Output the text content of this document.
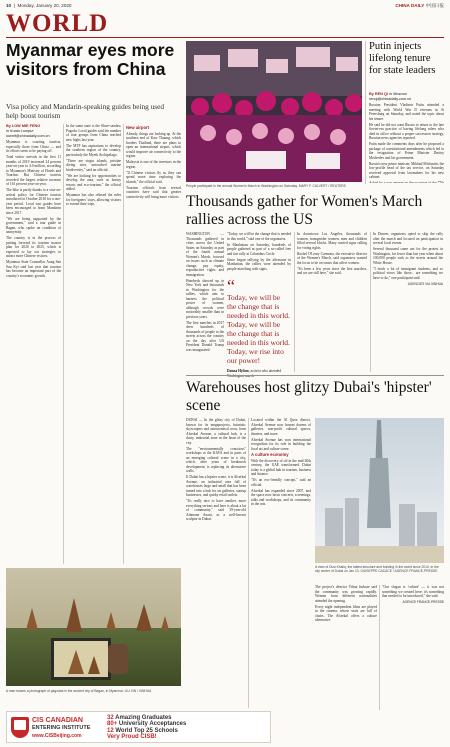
10  |  Monday, January 20, 2020	CHINA DAILY 中国日报
WORLD
Myanmar eyes more visitors from China
Visa policy and Mandarin-speaking guides being used help boost tourism
By LOW MIE FENG
in Kuala Lumpur
lowmf@chinadaily.com.cn

Myanmar is courting tourists, especially those from China — and its efforts seem to be paying off.

Total visitor arrivals in the first 11 months of 2019 increased 24 percent year-on-year to 4.0 million, according to Myanmar's Ministry of Hotels and Tourism. But Chinese tourists recorded the largest relative increase of 161 percent year-on-year.

The hike is partly thanks to a visa-on-arrival policy for Chinese tourists introduced in October 2018 for a one-year period. Local tour guides have been encouraged to learn Mandarin since 2017.

"We are being supported by the government," said a tour guide in Bagan, who spoke on condition of anonymity.

The country is in the process of putting forward its tourism master plan for 2020 to 2025, which is expected to lay out strategies to attract more Chinese visitors.

Myanmar State Counsellor Aung San Suu Kyi said last year that tourism has become an important part of the country's economic growth.

In the same state is the Shwe-sandaw Pagoda. Local guides said the number of tour groups from China reached new highs last year.

The MTF has aspirations to develop the southern region of the country, particularly the Myeik Archipelago.

"There are virgin islands, pristine diving sites, untouched marine biodiversity," said an official.

"We are looking for opportunities to develop the area, such as luxury resorts and eco-tourism," the official added.

Myanmar has also relaxed the rules for foreigners' stays, allowing visitors to extend their trips.

New airport

Already, things are looking up. At the southern end of Kaw Thaung, which borders Thailand, there are plans to open an international airport, which would improve air connectivity to the region.

Malaysia is one of the investors in the region.

"If Chinese visitors fly in, they can spend more time exploring the islands," the official said.

Tourism officials from several countries have said that greater connectivity will bring more visitors.

A man tosses a photograph of pagodas in the ancient city of Bagan, in Myanmar. LIU XIN / XINHUA
People participate in the annual Women's March in Washington on Saturday. MARY F. CALVERT / REUTERS
Thousands gather for Women's March rallies across the US

WASHINGTON — Thousands gathered in cities across the United States on Saturday as part of the fourth annual Women's March, focused on issues such as climate change, pay equity, reproductive rights and immigration.

Hundreds showed up in New York and thousands in Washington for the rallies, which aim to harness the political power of women, although crowds were noticeably smaller than in previous years.

The first marches in 2017 drew hundreds of thousands of people to the streets across the country on the day after US President Donald Trump was inaugurated.

"Today, we will be the change that is needed in this world," said one of the organizers.

In Manhattan on Saturday, hundreds of people gathered as part of a so-called free and fair rally at Columbus Circle.

Since began rallying by the afternoon in Manhattan, the rallies were attended by people marching with signs.

“
Today, we will be the change that is needed in this world. Today, we will be the change that is needed in this world. Today, we rise into our power!
Donna Hylton, activist who attended

In downtown Los Angeles, thousands of women, transgender women, men and children filled several blocks. Many carried signs calling for voting rights.

Rachel O'Leary Carmona, the executive director of the Women's March, said organizers wanted the focus to be on issues that affect women.

"It's been a few years since the first marches, and we are still here," she said.

In Denver, organizers opted to skip the rally after the march and focused on participation in several local events.

Several thousand came out for the protest in Washington, far fewer than last year when about 100,000 people took to the streets around the White House.

"I teach a lot of immigrant students, and so political views like those... are something we have to do," one participant said.

AGENCIES VIA XINHUA

Putin injects lifelong tenure for state leaders
By REN QI in Moscow
renqi@chinadaily.com.cn

Russian President Vladimir Putin attended a meeting with World War II veterans in St Petersburg on Saturday, and noted the topic about his tenure.

He said he did not want Russia to return to the late Soviet-era practice of having lifelong rulers who died in office without a proper succession strategy, Russian news agencies reported.

Putin made the comments days after he proposed a package of constitutional amendments which led to the resignation of Prime Minister Dmitry Medvedev and his government.

Russia's new prime minister, Mikhail Mishustin, the low-profile head of the tax service, on Saturday received approval from lawmakers for his new cabinet.

Warehouses host glitzy Dubai's 'hipster' scene

DUBAI — In the glitzy city of Dubai, known for its megaprojects, futuristic skyscrapers and astronomical costs, from Alserkal Avenue, a cultural hub, is a dusty, industrial zone in the heart of the city.

The "environmentally conscious" workshops at the KAVA and in parts of an emerging cultural scene in a city, which, after years of breakneck development, is replacing its alternative walls.

If Dubai has a hipster scene, it is Alserkal Avenue, an industrial area full of warehouses large and small that has been turned into a hub for art galleries, startup businesses, and quirky retail outlets.

"It's really nice to have another, more everything serious and here is about a lot of community," said 39-year-old Athmane Anani, as a well-known sculptor in Dubai.

Located within the Al Quoz district, Alserkal Avenue now houses dozens of galleries, non-profit cultural spaces, theaters, and more.

Alserkal Avenue has won international recognition for its role in building the local art and culture scene.

A culture economy

With the discovery of oil in the mid-20th century, the UAE transformed. Dubai today is a global hub in tourism, business and finance.

"It's an eco-friendly concept," said an official.

Alserkal has expanded since 2007, and the space now hosts concerts, screenings, talks and workshops, and its community in the arts.

A view of Dusi Khaliq, the tallest structure and building in the world since 2010, in the city center of Dubai on Jan 13. GIUSEPPE CACACE / AGENCE FRANCE-PRESSE

The project's director Vilma Jurkute said the community was growing rapidly. Women from different nationalities attended the opening.

Every night independent films are played in the cinema, whose seats are full of chairs. The Alserkal offers a culture alternative.

"Our slogan is 'culture' — it was not something we created here; it's something that needed to be introduced," she said.

AGENCE FRANCE-PRESSE

CIS CANADIAN
ENTERING INSTITUTE
www.CISBeijing.com
32 Amazing Graduates
80+ University Acceptances
12 World Top 25 Schools
Very Proud CISB!
